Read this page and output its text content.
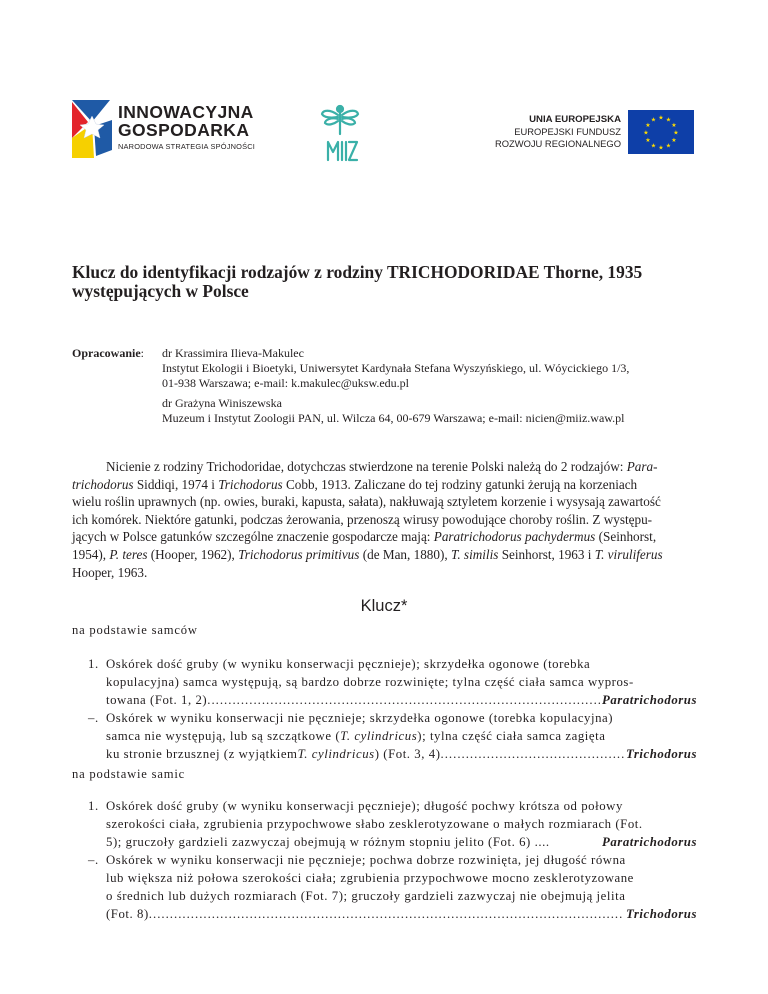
INNOWACYJNA
GOSPODARKA
NARODOWA STRATEGIA SPÓJNOŚCI
UNIA EUROPEJSKA
EUROPEJSKI FUNDUSZ
ROZWOJU REGIONALNEGO
★ ★
★
★
★
★
★
★
★
★
★
★
Klucz do identyfikacji rodzajów z rodziny TRICHODORIDAE Thorne, 1935
występujących w Polsce
Opracowanie: dr Krassimira Ilieva-Makulec
Instytut Ekologii i Bioetyki, Uniwersytet Kardynała Stefana Wyszyńskiego, ul. Wóycickiego 1/3,
01-938 Warszawa; e-mail: k.makulec@uksw.edu.pl
dr Grażyna Winiszewska
Muzeum i Instytut Zoologii PAN, ul. Wilcza 64, 00-679 Warszawa; e-mail: nicien@miiz.waw.pl
Nicienie z rodziny Trichodoridae, dotychczas stwierdzone na terenie Polski należą do 2 rodzajów: Para-
trichodorus Siddiqi, 1974 i Trichodorus Cobb, 1913. Zaliczane do tej rodziny gatunki żerują na korzeniach
wielu roślin uprawnych (np. owies, buraki, kapusta, sałata), nakłuwają sztyletem korzenie i wysysają zawartość
ich komórek. Niektóre gatunki, podczas żerowania, przenoszą wirusy powodujące choroby roślin. Z występu-
jących w Polsce gatunków szczególne znaczenie gospodarcze mają: Paratrichodorus pachydermus (Seinhorst,
1954), P. teres (Hooper, 1962), Trichodorus primitivus (de Man, 1880), T. similis Seinhorst, 1963 i T. viruliferus
Hooper, 1963.
Klucz*
na podstawie samców
1. Oskórek dość gruby (w wyniku konserwacji pęcznieje); skrzydełka ogonowe (torebka
kopulacyjna) samca występują, są bardzo dobrze rozwinięte; tylna część ciała samca wypros-
towana (Fot. 1, 2) .....	Paratrichodorus
–. Oskórek w wyniku konserwacji nie pęcznieje; skrzydełka ogonowe (torebka kopulacyjna)
samca nie występują, lub są szczątkowe (T. cylindricus); tylna część ciała samca zagięta
ku stronie brzusznej (z wyjątkiem T. cylindricus ) (Fot. 3, 4) .....	Trichodorus
na podstawie samic
1. Oskórek dość gruby (w wyniku konserwacji pęcznieje); długość pochwy krótsza od połowy
szerokości ciała, zgrubienia przypochwowe słabo zesklerotyzowane o małych rozmiarach (Fot.
5); gruczoły gardzieli zazwyczaj obejmują w różnym stopniu jelito (Fot. 6) ....	Paratrichodorus
–. Oskórek w wyniku konserwacji nie pęcznieje; pochwa dobrze rozwinięta, jej długość równa
lub większa niż połowa szerokości ciała; zgrubienia przypochwowe mocno zesklerotyzowane
o średnich lub dużych rozmiarach (Fot. 7); gruczoły gardzieli zazwyczaj nie obejmują jelita
(Fot. 8) .....	Trichodorus
